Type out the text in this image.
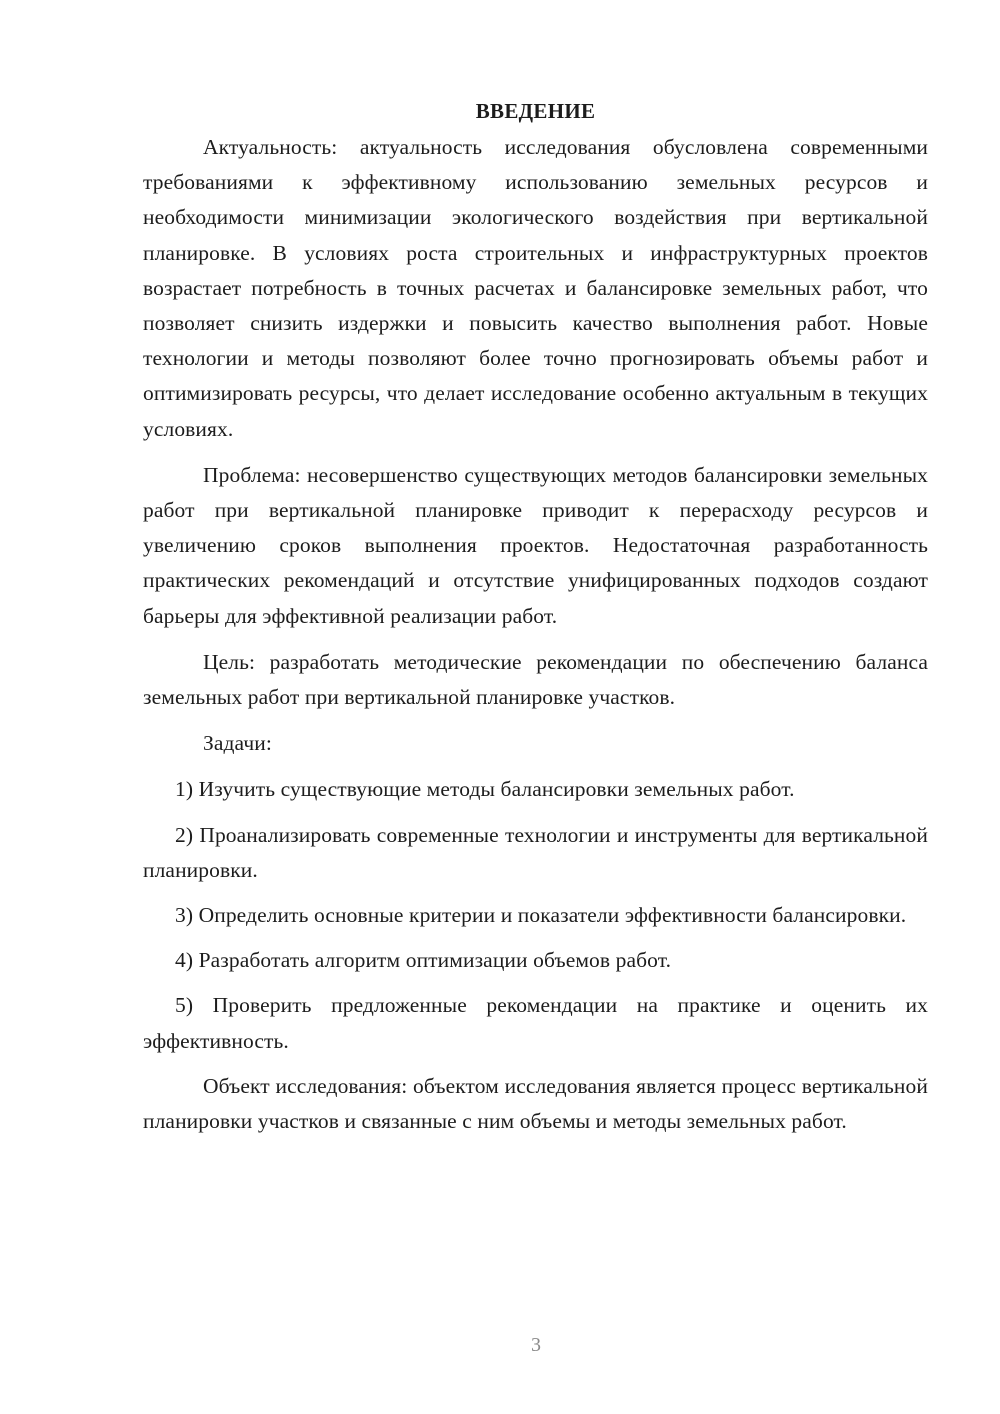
ВВЕДЕНИЕ

Актуальность: актуальность исследования обусловлена современными требованиями к эффективному использованию земельных ресурсов и необходимости минимизации экологического воздействия при вертикальной планировке. В условиях роста строительных и инфраструктурных проектов возрастает потребность в точных расчетах и балансировке земельных работ, что позволяет снизить издержки и повысить качество выполнения работ. Новые технологии и методы позволяют более точно прогнозировать объемы работ и оптимизировать ресурсы, что делает исследование особенно актуальным в текущих условиях.

Проблема: несовершенство существующих методов балансировки земельных работ при вертикальной планировке приводит к перерасходу ресурсов и увеличению сроков выполнения проектов. Недостаточная разработанность практических рекомендаций и отсутствие унифицированных подходов создают барьеры для эффективной реализации работ.

Цель: разработать методические рекомендации по обеспечению баланса земельных работ при вертикальной планировке участков.

Задачи:

1) Изучить существующие методы балансировки земельных работ.

2) Проанализировать современные технологии и инструменты для вертикальной планировки.

3) Определить основные критерии и показатели эффективности балансировки.

4) Разработать алгоритм оптимизации объемов работ.

5) Проверить предложенные рекомендации на практике и оценить их эффективность.

Объект исследования: объектом исследования является процесс вертикальной планировки участков и связанные с ним объемы и методы земельных работ.

3
